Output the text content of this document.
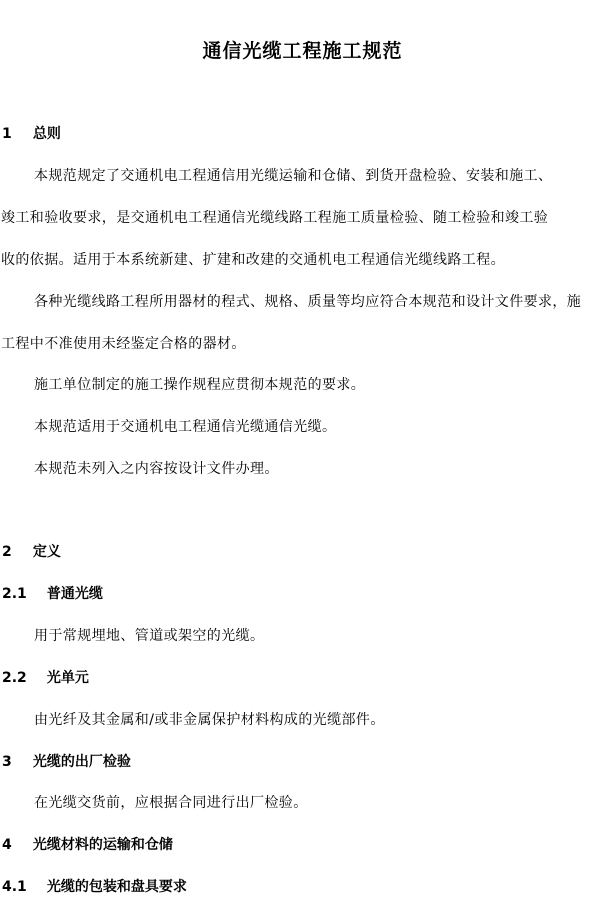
通信光缆工程施工规范
1 总则
本规范规定了交通机电工程通信用光缆运输和仓储、到货开盘检验、安装和施工、
竣工和验收要求，是交通机电工程通信光缆线路工程施工质量检验、随工检验和竣工验
收的依据。适用于本系统新建、扩建和改建的交通机电工程通信光缆线路工程。
各种光缆线路工程所用器材的程式、规格、质量等均应符合本规范和设计文件要求，施
工程中不准使用未经鉴定合格的器材。
施工单位制定的施工操作规程应贯彻本规范的要求。
本规范适用于交通机电工程通信光缆通信光缆。
本规范未列入之内容按设计文件办理。
2 定义
2.1 普通光缆
用于常规埋地、管道或架空的光缆。
2.2 光单元
由光纤及其金属和/或非金属保护材料构成的光缆部件。
3 光缆的出厂检验
在光缆交货前，应根据合同进行出厂检验。
4 光缆材料的运输和仓储
4.1 光缆的包装和盘具要求
